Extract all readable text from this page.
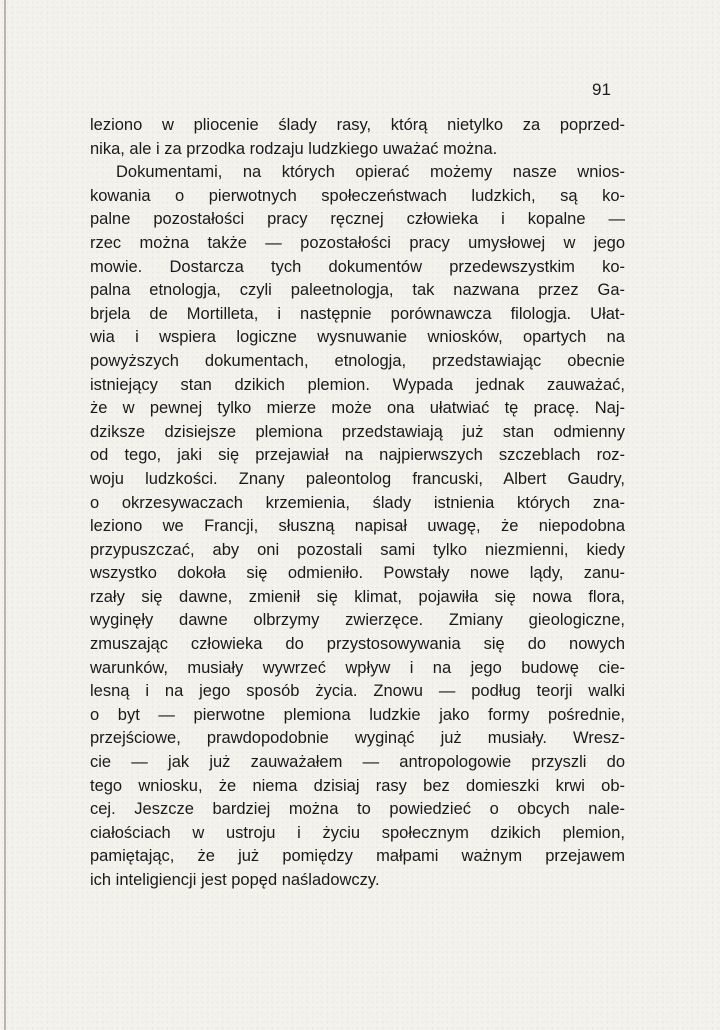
91

leziono w pliocenie ślady rasy, którą nietylko za poprzed-
nika, ale i za przodka rodzaju ludzkiego uważać można.
Dokumentami, na których opierać możemy nasze wnios-
kowania o pierwotnych społeczeństwach ludzkich, są ko-
palne pozostałości pracy ręcznej człowieka i kopalne —
rzec można także — pozostałości pracy umysłowej w jego
mowie. Dostarcza tych dokumentów przedewszystkim ko-
palna etnologja, czyli paleetnologja, tak nazwana przez Ga-
brjela de Mortilleta, i następnie porównawcza filologja. Ułat-
wia i wspiera logiczne wysnuwanie wniosków, opartych na
powyższych dokumentach, etnologja, przedstawiając obecnie
istniejący stan dzikich plemion. Wypada jednak zauważać,
że w pewnej tylko mierze może ona ułatwiać tę pracę. Naj-
dziksze dzisiejsze plemiona przedstawiają już stan odmienny
od tego, jaki się przejawiał na najpierwszych szczeblach roz-
woju ludzkości. Znany paleontolog francuski, Albert Gaudry,
o okrzesywaczach krzemienia, ślady istnienia których zna-
leziono we Francji, słuszną napisał uwagę, że niepodobna
przypuszczać, aby oni pozostali sami tylko niezmienni, kiedy
wszystko dokoła się odmieniło. Powstały nowe lądy, zanu-
rzały się dawne, zmienił się klimat, pojawiła się nowa flora,
wyginęły dawne olbrzymy zwierzęce. Zmiany gieologiczne,
zmuszając człowieka do przystosowywania się do nowych
warunków, musiały wywrzeć wpływ i na jego budowę cie-
lesną i na jego sposób życia. Znowu — podług teorji walki
o byt — pierwotne plemiona ludzkie jako formy pośrednie,
przejściowe, prawdopodobnie wyginąć już musiały. Wresz-
cie — jak już zauważałem — antropologowie przyszli do
tego wniosku, że niema dzisiaj rasy bez domieszki krwi ob-
cej. Jeszcze bardziej można to powiedzieć o obcych nale-
ciałościach w ustroju i życiu społecznym dzikich plemion,
pamiętając, że już pomiędzy małpami ważnym przejawem
ich inteligiencji jest popęd naśladowczy.
